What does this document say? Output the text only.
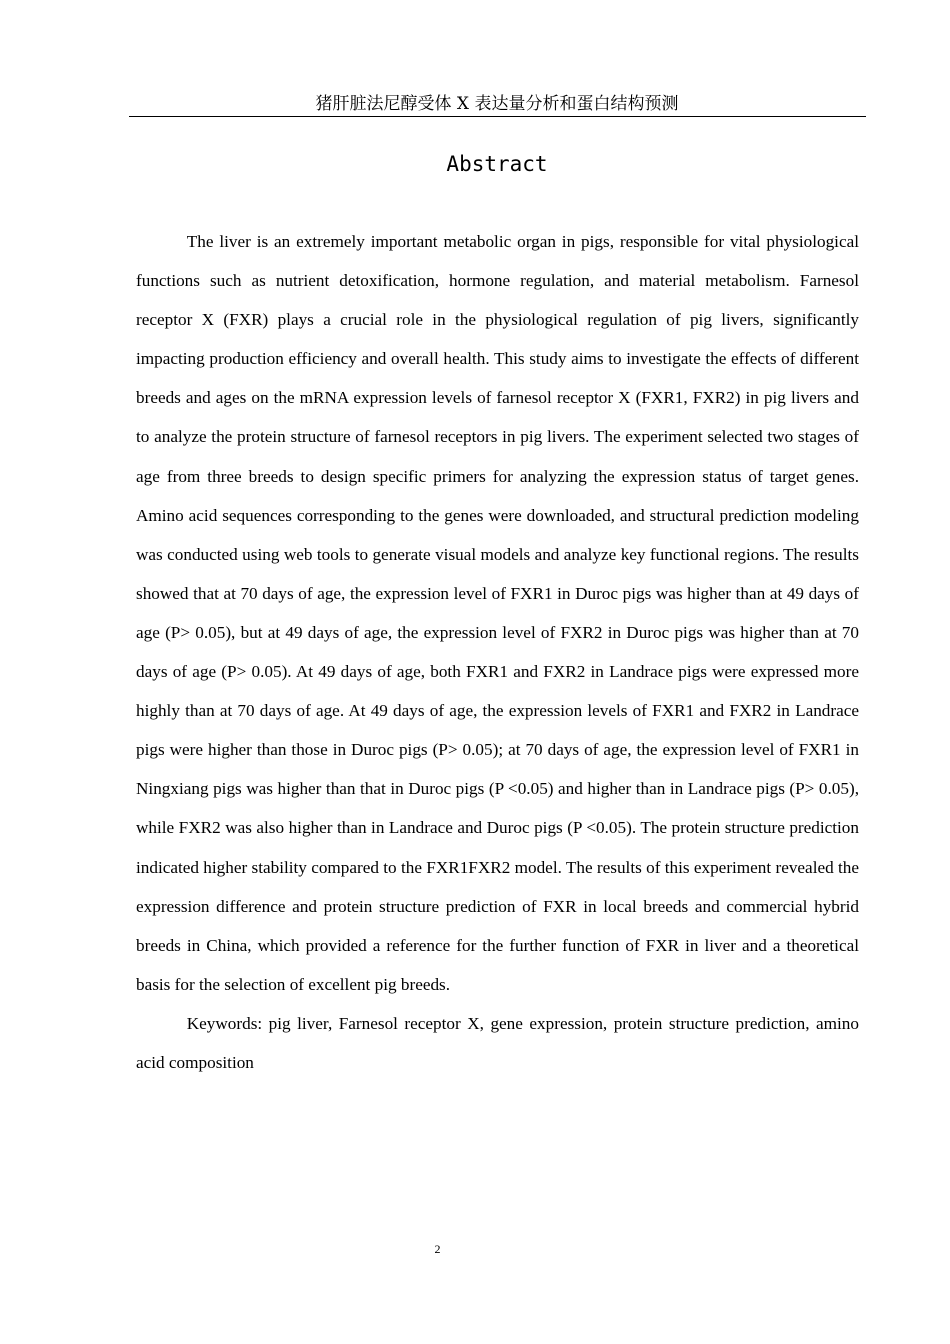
猪肝脏法尼醇受体 X 表达量分析和蛋白结构预测
Abstract

The liver is an extremely important metabolic organ in pigs, responsible for vital physiological functions such as nutrient detoxification, hormone regulation, and material metabolism. Farnesol receptor X (FXR) plays a crucial role in the physiological regulation of pig livers, significantly impacting production efficiency and overall health. This study aims to investigate the effects of different breeds and ages on the mRNA expression levels of farnesol receptor X (FXR1, FXR2) in pig livers and to analyze the protein structure of farnesol receptors in pig livers. The experiment selected two stages of age from three breeds to design specific primers for analyzing the expression status of target genes. Amino acid sequences corresponding to the genes were downloaded, and structural prediction modeling was conducted using web tools to generate visual models and analyze key functional regions. The results showed that at 70 days of age, the expression level of FXR1 in Duroc pigs was higher than at 49 days of age (P> 0.05), but at 49 days of age, the expression level of FXR2 in Duroc pigs was higher than at 70 days of age (P> 0.05). At 49 days of age, both FXR1 and FXR2 in Landrace pigs were expressed more highly than at 70 days of age. At 49 days of age, the expression levels of FXR1 and FXR2 in Landrace pigs were higher than those in Duroc pigs (P> 0.05); at 70 days of age, the expression level of FXR1 in Ningxiang pigs was higher than that in Duroc pigs (P <0.05) and higher than in Landrace pigs (P> 0.05), while FXR2 was also higher than in Landrace and Duroc pigs (P <0.05). The protein structure prediction indicated higher stability compared to the FXR1FXR2 model. The results of this experiment revealed the expression difference and protein structure prediction of FXR in local breeds and commercial hybrid breeds in China, which provided a reference for the further function of FXR in liver and a theoretical basis for the selection of excellent pig breeds.

Keywords: pig liver, Farnesol receptor X, gene expression, protein structure prediction, amino acid composition

2
